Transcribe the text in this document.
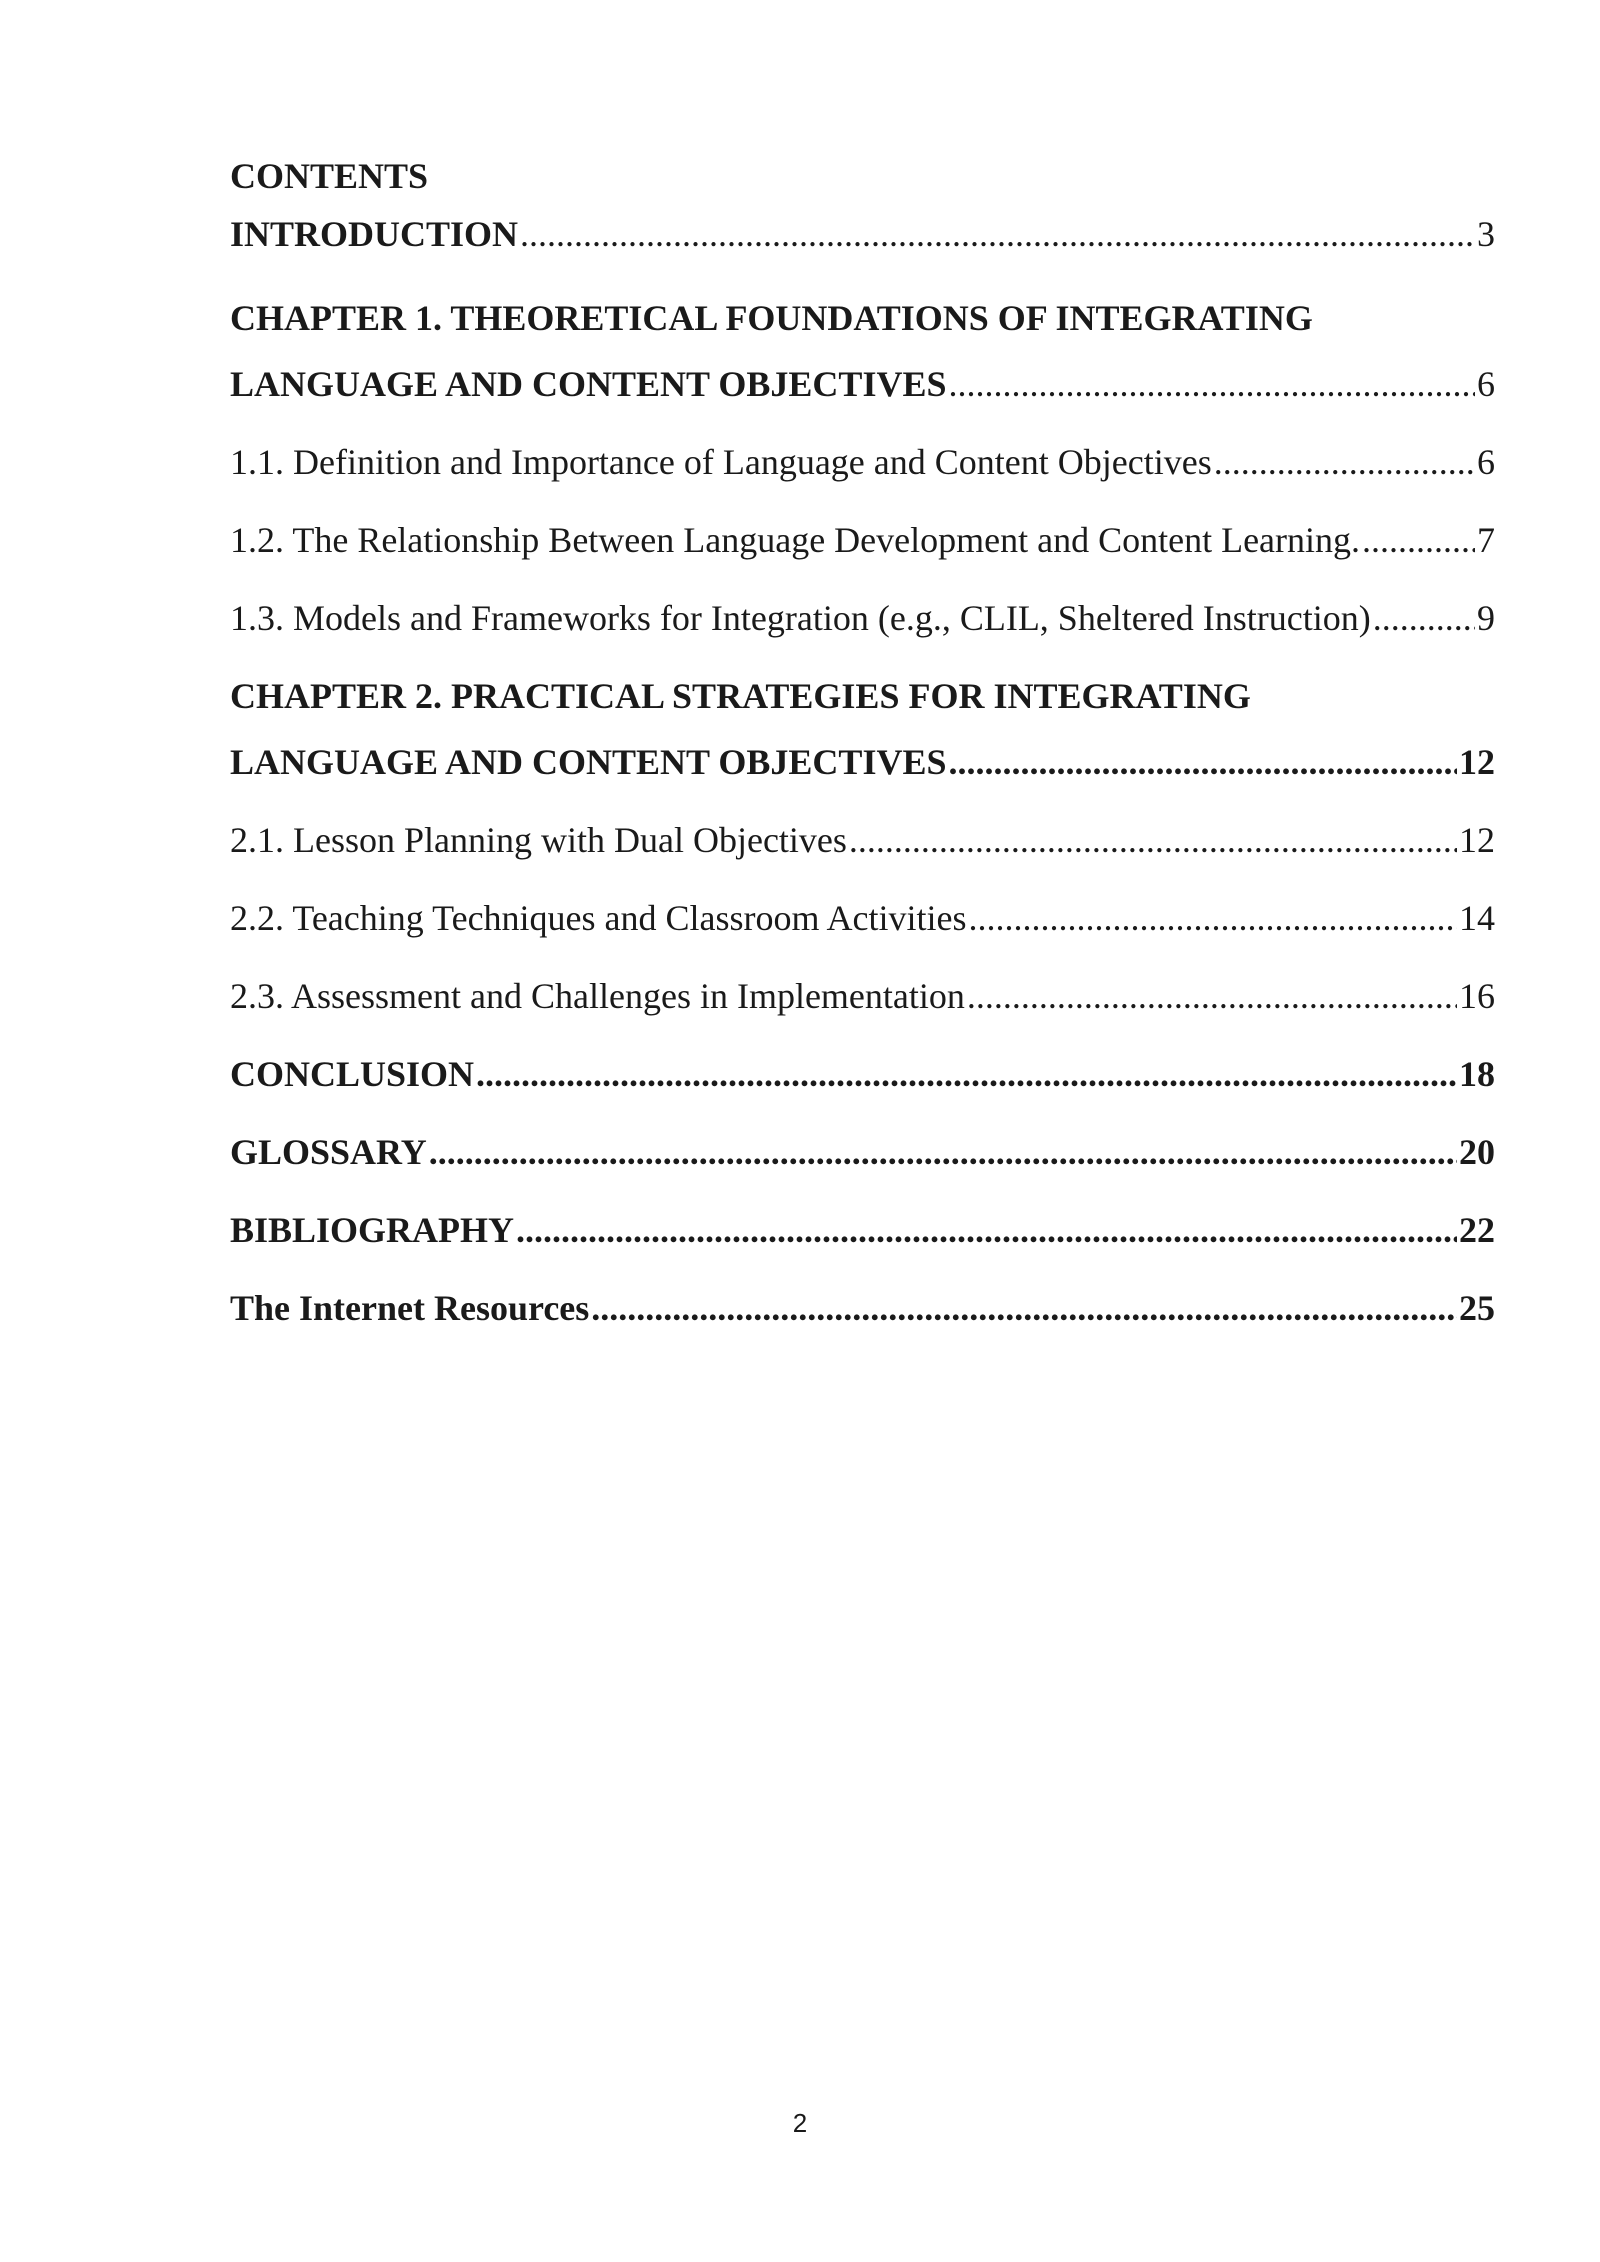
CONTENTS
INTRODUCTION .....	3
CHAPTER 1. THEORETICAL FOUNDATIONS OF INTEGRATING
LANGUAGE AND CONTENT OBJECTIVES .....	6
1.1. Definition and Importance of Language and Content Objectives .....	6
1.2. The Relationship Between Language Development and Content Learning. .....	7
1.3. Models and Frameworks for Integration (e.g., CLIL, Sheltered Instruction) .....	9
CHAPTER 2. PRACTICAL STRATEGIES FOR INTEGRATING
LANGUAGE AND CONTENT OBJECTIVES .....	12
2.1. Lesson Planning with Dual Objectives .....	12
2.2. Teaching Techniques and Classroom Activities .....	14
2.3. Assessment and Challenges in Implementation .....	16
CONCLUSION .....	18
GLOSSARY .....	20
BIBLIOGRAPHY .....	22
The Internet Resources .....	25
2
